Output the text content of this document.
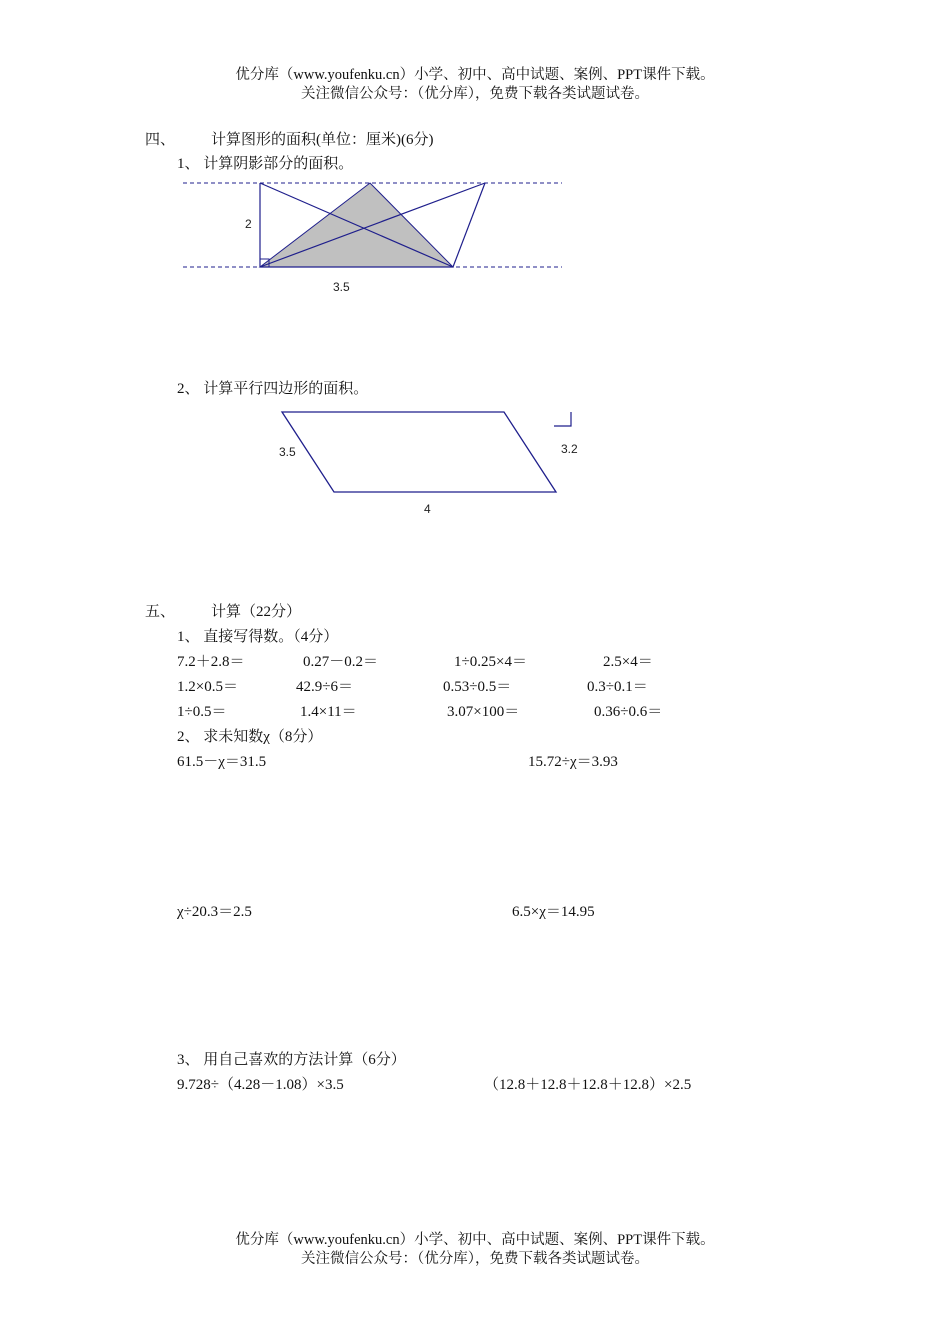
优分库（www.youfenku.cn）小学、初中、高中试题、案例、PPT课件下载。
关注微信公众号：（优分库），免费下载各类试题试卷。
四、 计算图形的面积(单位：厘米)(6分)
1、 计算阴影部分的面积。
2
3.5
3.5	3.2
4
2、 计算平行四边形的面积。
五、 计算（22分）
1、 直接写得数。（4分）
7.2＋2.8＝	0.27－0.2＝	1÷0.25×4＝	2.5×4＝
1.2×0.5＝	42.9÷6＝	0.53÷0.5＝	0.3÷0.1＝
1÷0.5＝	1.4×11＝	3.07×100＝	0.36÷0.6＝
2、 求未知数χ（8分）
61.5－χ＝31.5	15.72÷χ＝3.93
χ÷20.3＝2.5	6.5×χ＝14.95
3、 用自己喜欢的方法计算（6分）
9.728÷（4.28－1.08）×3.5	（12.8＋12.8＋12.8＋12.8）×2.5
优分库（www.youfenku.cn）小学、初中、高中试题、案例、PPT课件下载。
关注微信公众号：（优分库），免费下载各类试题试卷。
